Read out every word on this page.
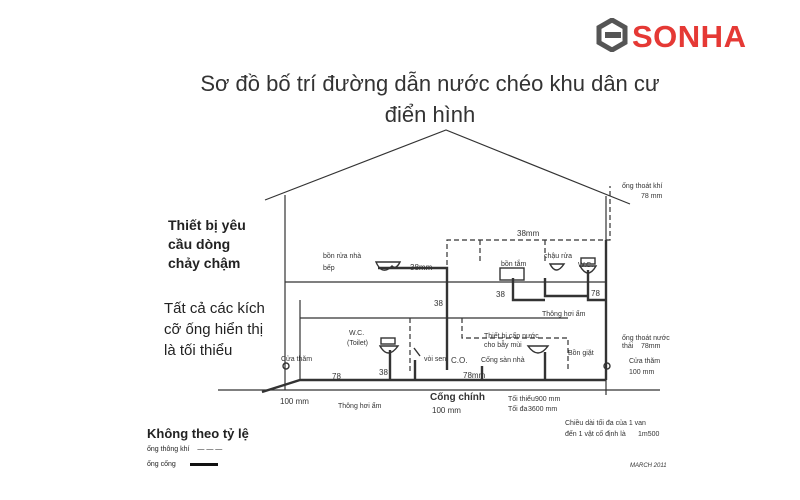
SONHA
Sơ đồ bố trí đường dẫn nước chéo khu dân cư
điển hình
Thiết bị yêu
cầu dòng
chảy chậm
Tất cả các kích
cỡ ống hiển thị
là tối thiểu
Không theo tỷ lệ
ống thông khí — — —
ống cống
ống thoát khí
78 mm
38mm
bồn rửa nhà
bếp	38mm	bồn tắm
chậu rửa
W.C.
78
38
38
Thông hơi ẩm
Thiết bị cấp nước
cho bẫy mùi
Cống sàn nhà
C.O.
W.C.
(Toilet)
vòi sen
Bồn giặt
Cửa thăm	Cửa thăm
100 mm
ống thoát nước
thải 78mm
78	38	78mm
Thông hơi ẩm
Cống chính
100 mm
100 mm	Tối thiểu 900 mm
Tối đa 3600 mm
Chiều dài tối đa của 1 van
đến 1 vật cố định là 1m500
MARCH 2011
